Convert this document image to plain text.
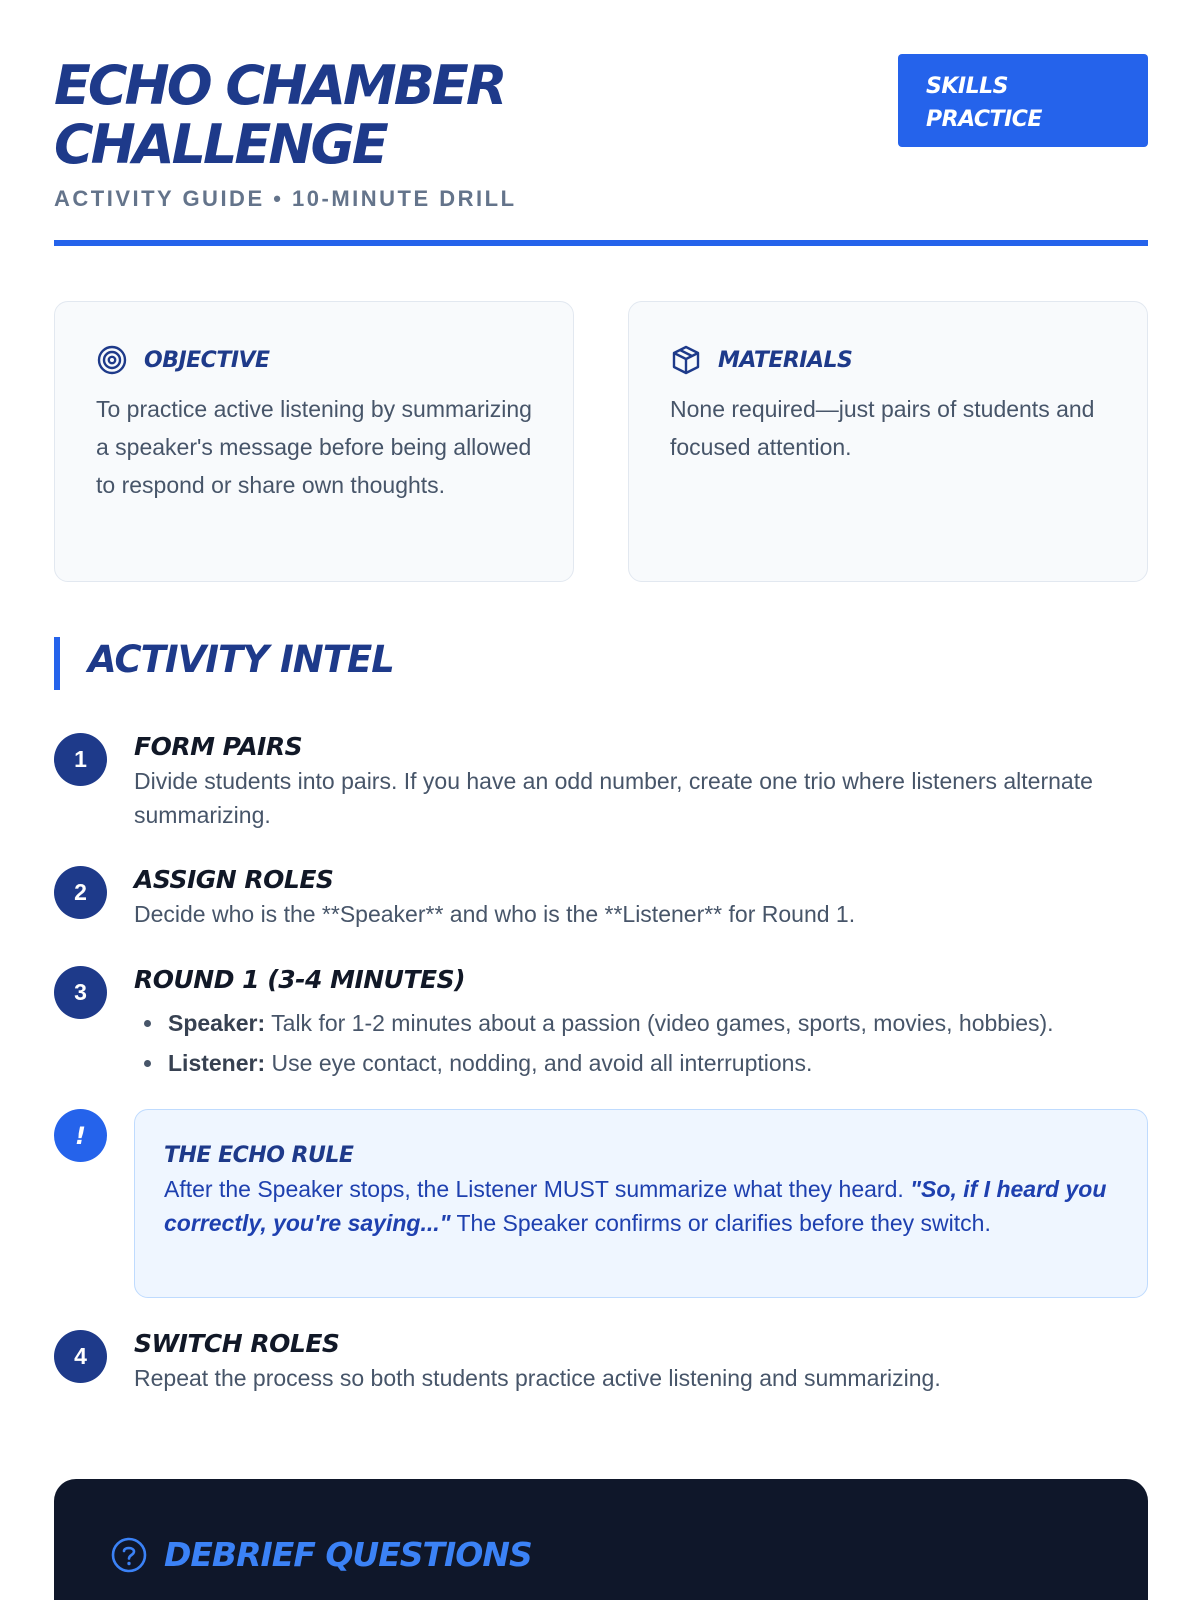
ECHO CHAMBER CHALLENGE
ACTIVITY GUIDE • 10-MINUTE DRILL
SKILLS PRACTICE
OBJECTIVE
To practice active listening by summarizing a speaker's message before being allowed to respond or share own thoughts.
MATERIALS
None required—just pairs of students and focused attention.
ACTIVITY INTEL
1	FORM PAIRS
Divide students into pairs. If you have an odd number, create one trio where listeners alternate summarizing.
2	ASSIGN ROLES
Decide who is the **Speaker** and who is the **Listener** for Round 1.
3	ROUND 1 (3-4 MINUTES)
Speaker: Talk for 1-2 minutes about a passion (video games, sports, movies, hobbies).
Listener: Use eye contact, nodding, and avoid all interruptions.
!
THE ECHO RULE
After the Speaker stops, the Listener MUST summarize what they heard. "So, if I heard you correctly, you're saying..." The Speaker confirms or clarifies before they switch.
4	SWITCH ROLES
Repeat the process so both students practice active listening and summarizing.
DEBRIEF QUESTIONS
